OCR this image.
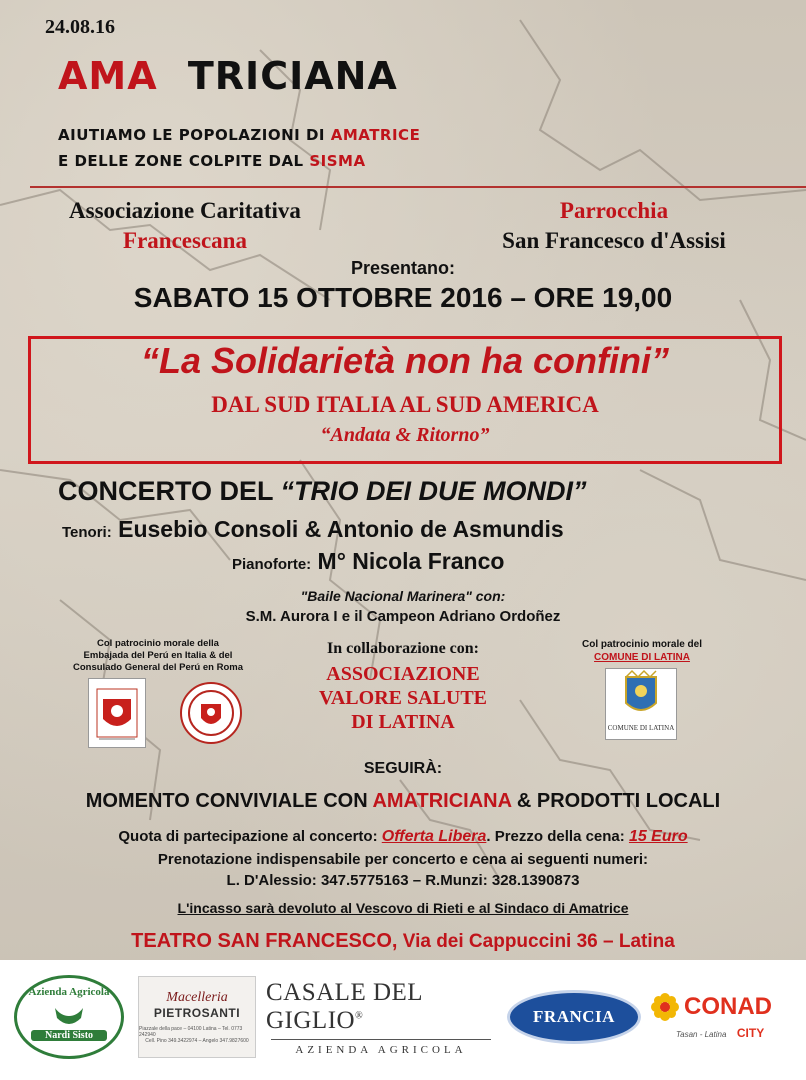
24.08.16
AMA TRICIANA
AIUTIAMO LE POPOLAZIONI DI AMATRICE
E DELLE ZONE COLPITE DAL SISMA
Associazione Caritativa
Francescana
Parrocchia
San Francesco d'Assisi
Presentano:
SABATO 15 OTTOBRE 2016 – ORE 19,00
“La Solidarietà non ha confini”
DAL SUD ITALIA AL SUD AMERICA
“Andata & Ritorno”
CONCERTO DEL “TRIO DEI DUE MONDI”
Tenori: Eusebio Consoli & Antonio de Asmundis
Pianoforte: M° Nicola Franco
"Baile Nacional Marinera" con:
S.M. Aurora I e il Campeon Adriano Ordoñez
Col patrocinio morale della
Embajada del Perú en Italia & del
Consulado General del Perú en Roma
In collaborazione con:
ASSOCIAZIONE
VALORE SALUTE
DI LATINA
Col patrocinio morale del
COMUNE DI LATINA
COMUNE DI LATINA
SEGUIRÀ:
MOMENTO CONVIVIALE CON AMATRICIANA & PRODOTTI LOCALI
Quota di partecipazione al concerto: Offerta Libera. Prezzo della cena: 15 Euro
Prenotazione indispensabile per concerto e cena ai seguenti numeri:
L. D'Alessio: 347.5775163 – R.Munzi: 328.1390873
L'incasso sarà devoluto al Vescovo di Rieti e al Sindaco di Amatrice
TEATRO SAN FRANCESCO, Via dei Cappuccini 36 – Latina
Azienda Agricola
Nardi Sisto
Macelleria
PIETROSANTI
Piazzale della pace – 04100 Latina – Tel. 0773 242940
Cell. Pino 349.3422974 – Angelo 347.9827600
CASALE DEL GIGLIO®
AZIENDA AGRICOLA
FRANCIA	CONAD
Tasan - Latina CITY
